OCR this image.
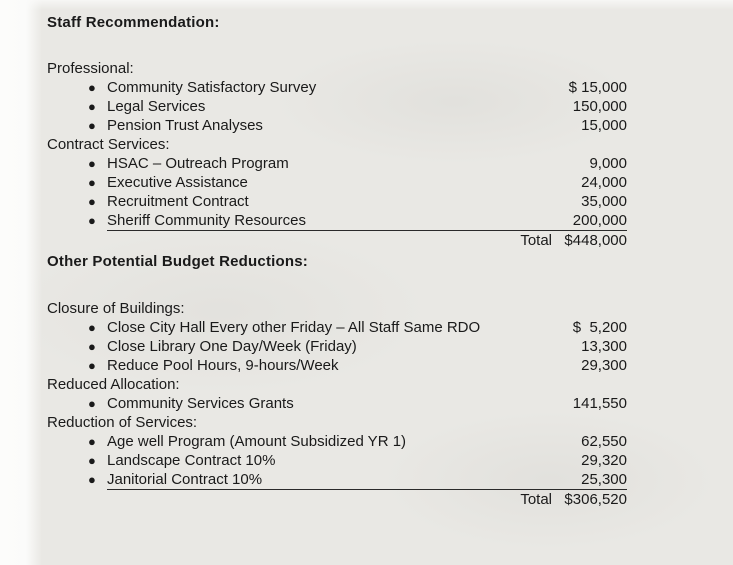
Staff Recommendation:
Professional:
● Community Satisfactory Survey	$ 15,000
● Legal Services	150,000
● Pension Trust Analyses	15,000
Contract Services:
● HSAC – Outreach Program	9,000
● Executive Assistance	24,000
● Recruitment Contract	35,000
● Sheriff Community Resources	200,000
Total $448,000
Other Potential Budget Reductions:
Closure of Buildings:
● Close City Hall Every other Friday – All Staff Same RDO	$  5,200
● Close Library One Day/Week (Friday)	13,300
● Reduce Pool Hours, 9-hours/Week	29,300
Reduced Allocation:
● Community Services Grants	141,550
Reduction of Services:
● Age well Program (Amount Subsidized YR 1)	62,550
● Landscape Contract 10%	29,320
● Janitorial Contract 10%	25,300
Total $306,520
